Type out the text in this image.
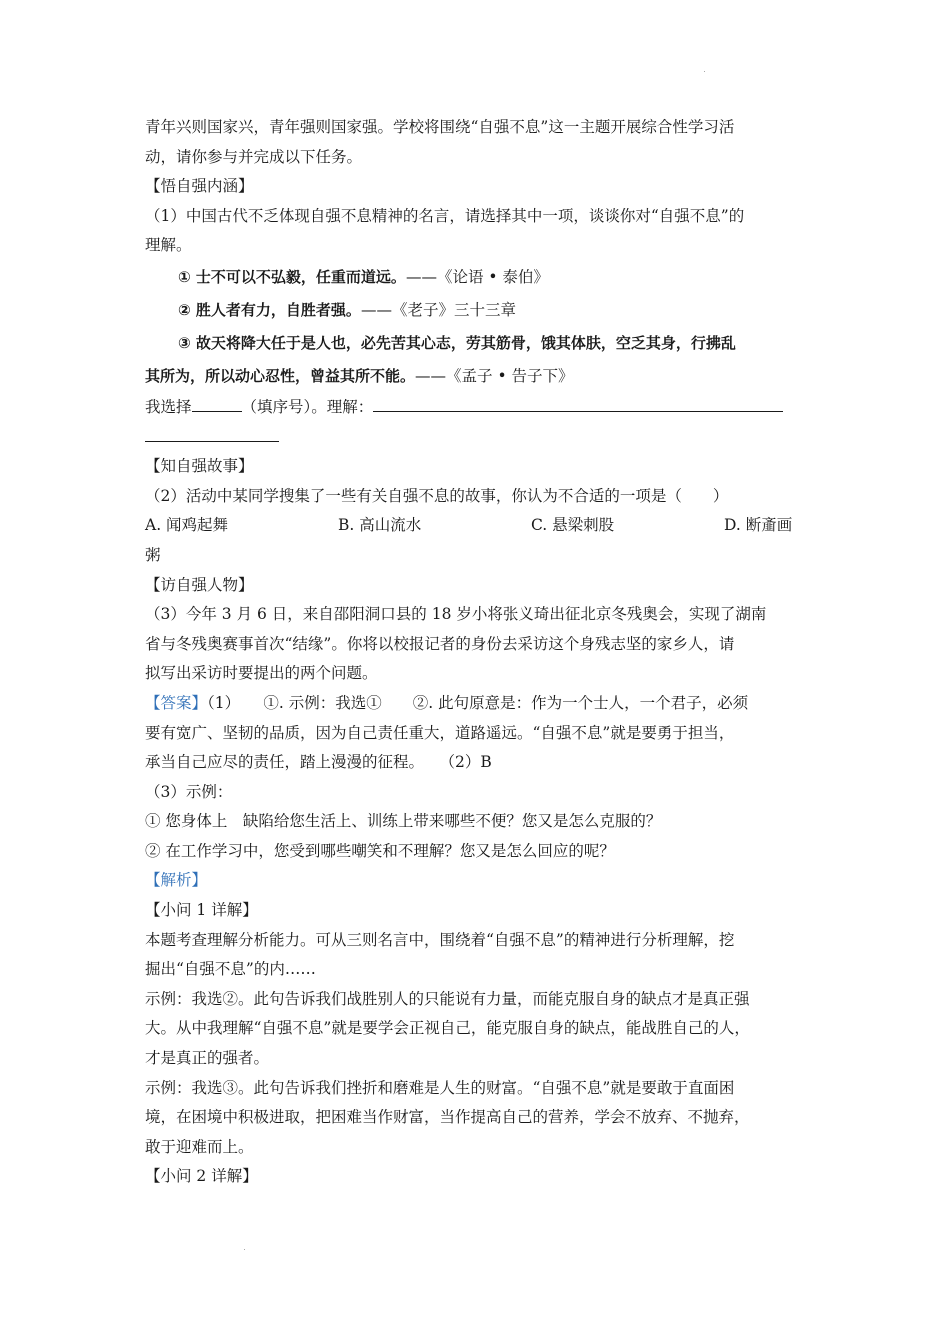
·
·
青年兴则国家兴，青年强则国家强。学校将围绕“自强不息”这一主题开展综合性学习活
动，请你参与并完成以下任务。
【悟自强内涵】
（1）中国古代不乏体现自强不息精神的名言，请选择其中一项，谈谈你对“自强不息”的
理解。
① 士不可以不弘毅，任重而道远。——《论语 • 泰伯》
② 胜人者有力，自胜者强。——《老子》三十三章
③ 故天将降大任于是人也，必先苦其心志，劳其筋骨，饿其体肤，空乏其身，行拂乱
其所为，所以动心忍性，曾益其所不能。——《孟子 • 告子下》
我选择	（填序号）。理解：
【知自强故事】
（2）活动中某同学搜集了一些有关自强不息的故事，你认为不合适的一项是（　　）
A. 闻鸡起舞	B. 高山流水	C. 悬梁刺股	D. 断齑画
粥
【访自强人物】
（3）今年 3 月 6 日，来自邵阳洞口县的 18 岁小将张义琦出征北京冬残奥会，实现了湖南
省与冬残奥赛事首次“结缘”。你将以校报记者的身份去采访这个身残志坚的家乡人，请
拟写出采访时要提出的两个问题。
【答案】（1）　　①. 示例：我选①　　②. 此句原意是：作为一个士人，一个君子，必须
要有宽广、坚韧的品质，因为自己责任重大，道路遥远。“自强不息”就是要勇于担当，
承当自己应尽的责任，踏上漫漫的征程。　　（2）B
（3）示例：
① 您身体上　缺陷给您生活上、训练上带来哪些不便？您又是怎么克服的？
② 在工作学习中，您受到哪些嘲笑和不理解？您又是怎么回应的呢？
【解析】
【小问 1 详解】
本题考查理解分析能力。可从三则名言中，围绕着“自强不息”的精神进行分析理解，挖
掘出“自强不息”的内……
示例：我选②。此句告诉我们战胜别人的只能说有力量，而能克服自身的缺点才是真正强
大。从中我理解“自强不息”就是要学会正视自己，能克服自身的缺点，能战胜自己的人，
才是真正的强者。
示例：我选③。此句告诉我们挫折和磨难是人生的财富。“自强不息”就是要敢于直面困
境，在困境中积极进取，把困难当作财富，当作提高自己的营养，学会不放弃、不抛弃，
敢于迎难而上。
【小问 2 详解】
